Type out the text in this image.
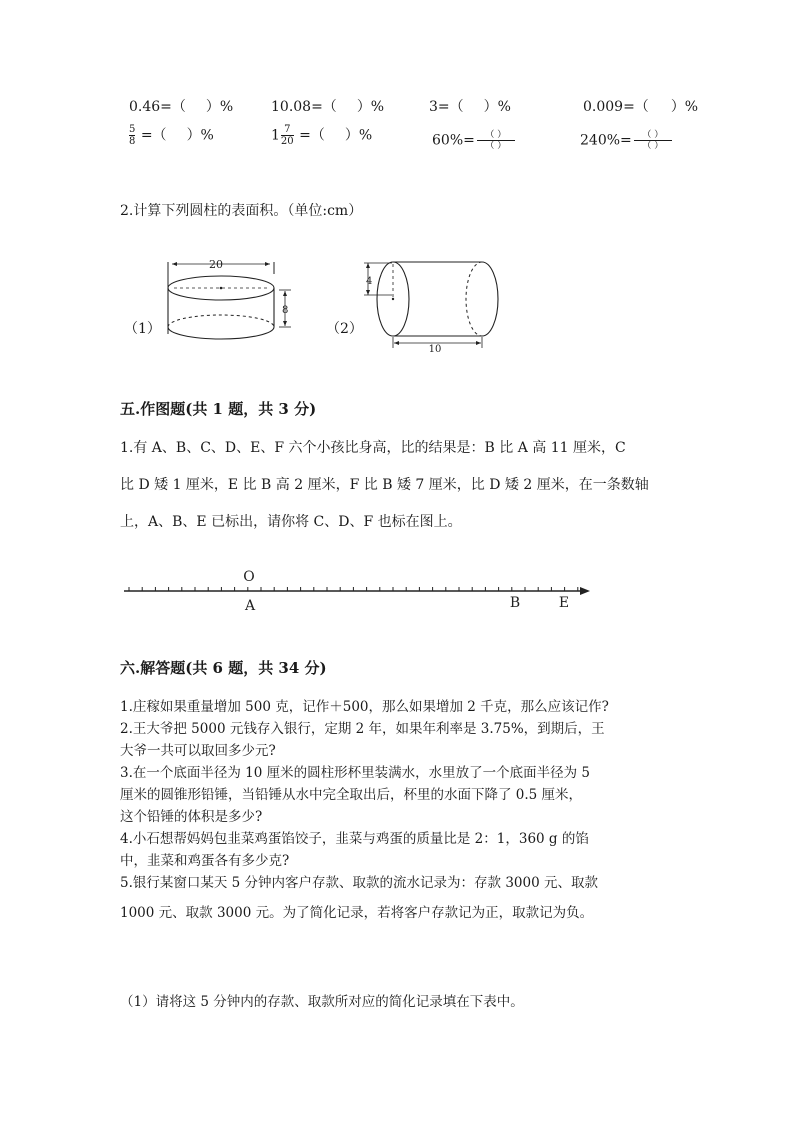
0.46=（ ）%	10.08=（ ）%	3=（ ）%	0.009=（ ）%
$\frac{5}{8}$ =（ ）%	$1 \frac{7}{20}$ =（ ）%	$60\%= \frac{( )}{( )}$	$240\%= \frac{( )}{( )}$
2.计算下列圆柱的表面积。（单位:cm）
（1）
20
8
（2）
4
10
五.作图题(共 1 题，共 3 分)
1.有 A、B、C、D、E、F 六个小孩比身高，比的结果是：B 比 A 高 11 厘米，C
比 D 矮 1 厘米，E 比 B 高 2 厘米，F 比 B 矮 7 厘米，比 D 矮 2 厘米，在一条数轴
上，A、B、E 已标出，请你将 C、D、F 也标在图上。
O
A	B	E
六.解答题(共 6 题，共 34 分)
1.庄稼如果重量增加 500 克，记作＋500，那么如果增加 2 千克，那么应该记作?
2.王大爷把 5000 元钱存入银行，定期 2 年，如果年利率是 3.75%，到期后，王
大爷一共可以取回多少元?
3.在一个底面半径为 10 厘米的圆柱形杯里装满水，水里放了一个底面半径为 5
厘米的圆锥形铅锤，当铅锤从水中完全取出后，杯里的水面下降了 0.5 厘米，
这个铅锤的体积是多少?
4.小石想帮妈妈包韭菜鸡蛋馅饺子，韭菜与鸡蛋的质量比是 2：1，360 g 的馅
中，韭菜和鸡蛋各有多少克?
5.银行某窗口某天 5 分钟内客户存款、取款的流水记录为：存款 3000 元、取款
1000 元、取款 3000 元。为了简化记录，若将客户存款记为正，取款记为负。
（1）请将这 5 分钟内的存款、取款所对应的简化记录填在下表中。
